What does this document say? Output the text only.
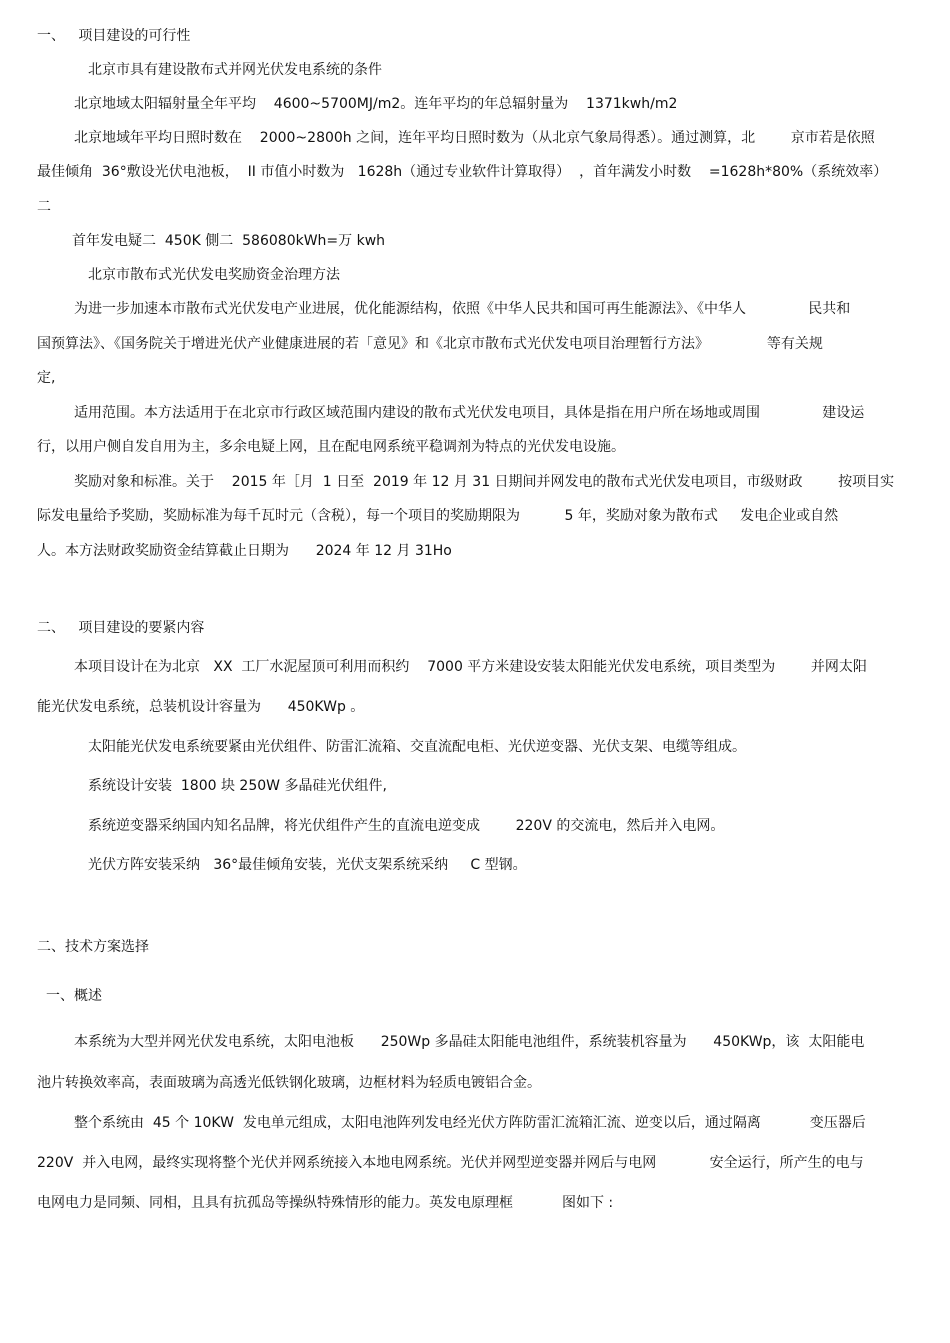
一、   项目建设的可行性

北京市具有建设散布式并网光伏发电系统的条件

北京地域太阳辐射量全年平均    4600~5700MJ/m2。连年平均的年总辐射量为    1371kwh/m2

北京地域年平均日照时数在    2000~2800h 之间，连年平均日照时数为（从北京气象局得悉）。通过测算，北        京市若是依照

最佳倾角  36°敷设光伏电池板，  II 巿值小时数为   1628h（通过专业软件计算取得）  ，首年满发小时数    =1628h*80%（系统效率）

二

首年发电疑二  450K 側二  586080kWh=万 kwh

北京市散布式光伏发电奖励资金治理方法

为进一步加速本市散布式光伏发电产业进展，优化能源结构，依照《中华人民共和国可再生能源法》、《中华人              民共和

国预算法》、《国务院关于增进光伏产业健康进展的若「意见》和《北京市散布式光伏发电项目治理暂行方法》             等有关规

定,

适用范围。本方法适用于在北京市行政区域范围内建设的散布式光伏发电项目，具体是指在用户所在场地或周围              建设运

行，以用户侧自发自用为主，多余电疑上网，且在配电网系统平稳调剂为特点的光伏发电设施。

奖励对象和标准。关于    2015 年［月  1 日至  2019 年 12 月 31 日期间并网发电的散布式光伏发电项目，市级财政        按项目实

际发电量给予奖励，奖励标准为每千瓦时元（含税），每一个项目的奖励期限为          5 年，奖励对象为散布式     发电企业或自然

人。本方法财政奖励资金结算截止日期为      2024 年 12 月 31Ho

二、   项目建设的要紧内容

本项目设计在为北京   XX  工厂水泥屋顶可利用而积约    7000 平方米建设安装太阳能光伏发电系统，项目类型为        并网太阳

能光伏发电系统，总装机设计容量为      450KWp 。

太阳能光伏发电系统要紧由光伏组件、防雷汇流箱、交直流配电柜、光伏逆变器、光伏支架、电缆等组成。

系统设计安装  1800 块 250W 多晶硅光伏组件,

系统逆变器采纳国内知名品牌，将光伏组件产生的直流电逆变成        220V 的交流电，然后并入电网。

光伏方阵安装采纳   36°最佳倾角安装，光伏支架系统采纳     C 型钢。

二、技术方案选择

一、概述

本系统为大型并网光伏发电系统，太阳电池板      250Wp 多晶硅太阳能电池组件，系统装机容量为      450KWp，该  太阳能电

池片转换效率高，表面玻璃为高透光低铁钢化玻璃，边框材料为轻质电镀铝合金。

整个系统由  45 个 10KW  发电单元组成，太阳电池阵列发电经光伏方阵防雷汇流箱汇流、逆变以后，通过隔离           变压器后

220V  并入电网，最终实现将整个光伏并网系统接入本地电网系统。光伏并网型逆变器并网后与电网            安全运行，所产生的电与

电网电力是同频、同相，且具有抗孤岛等操纵特殊情形的能力。英发电原理框           图如下 :
